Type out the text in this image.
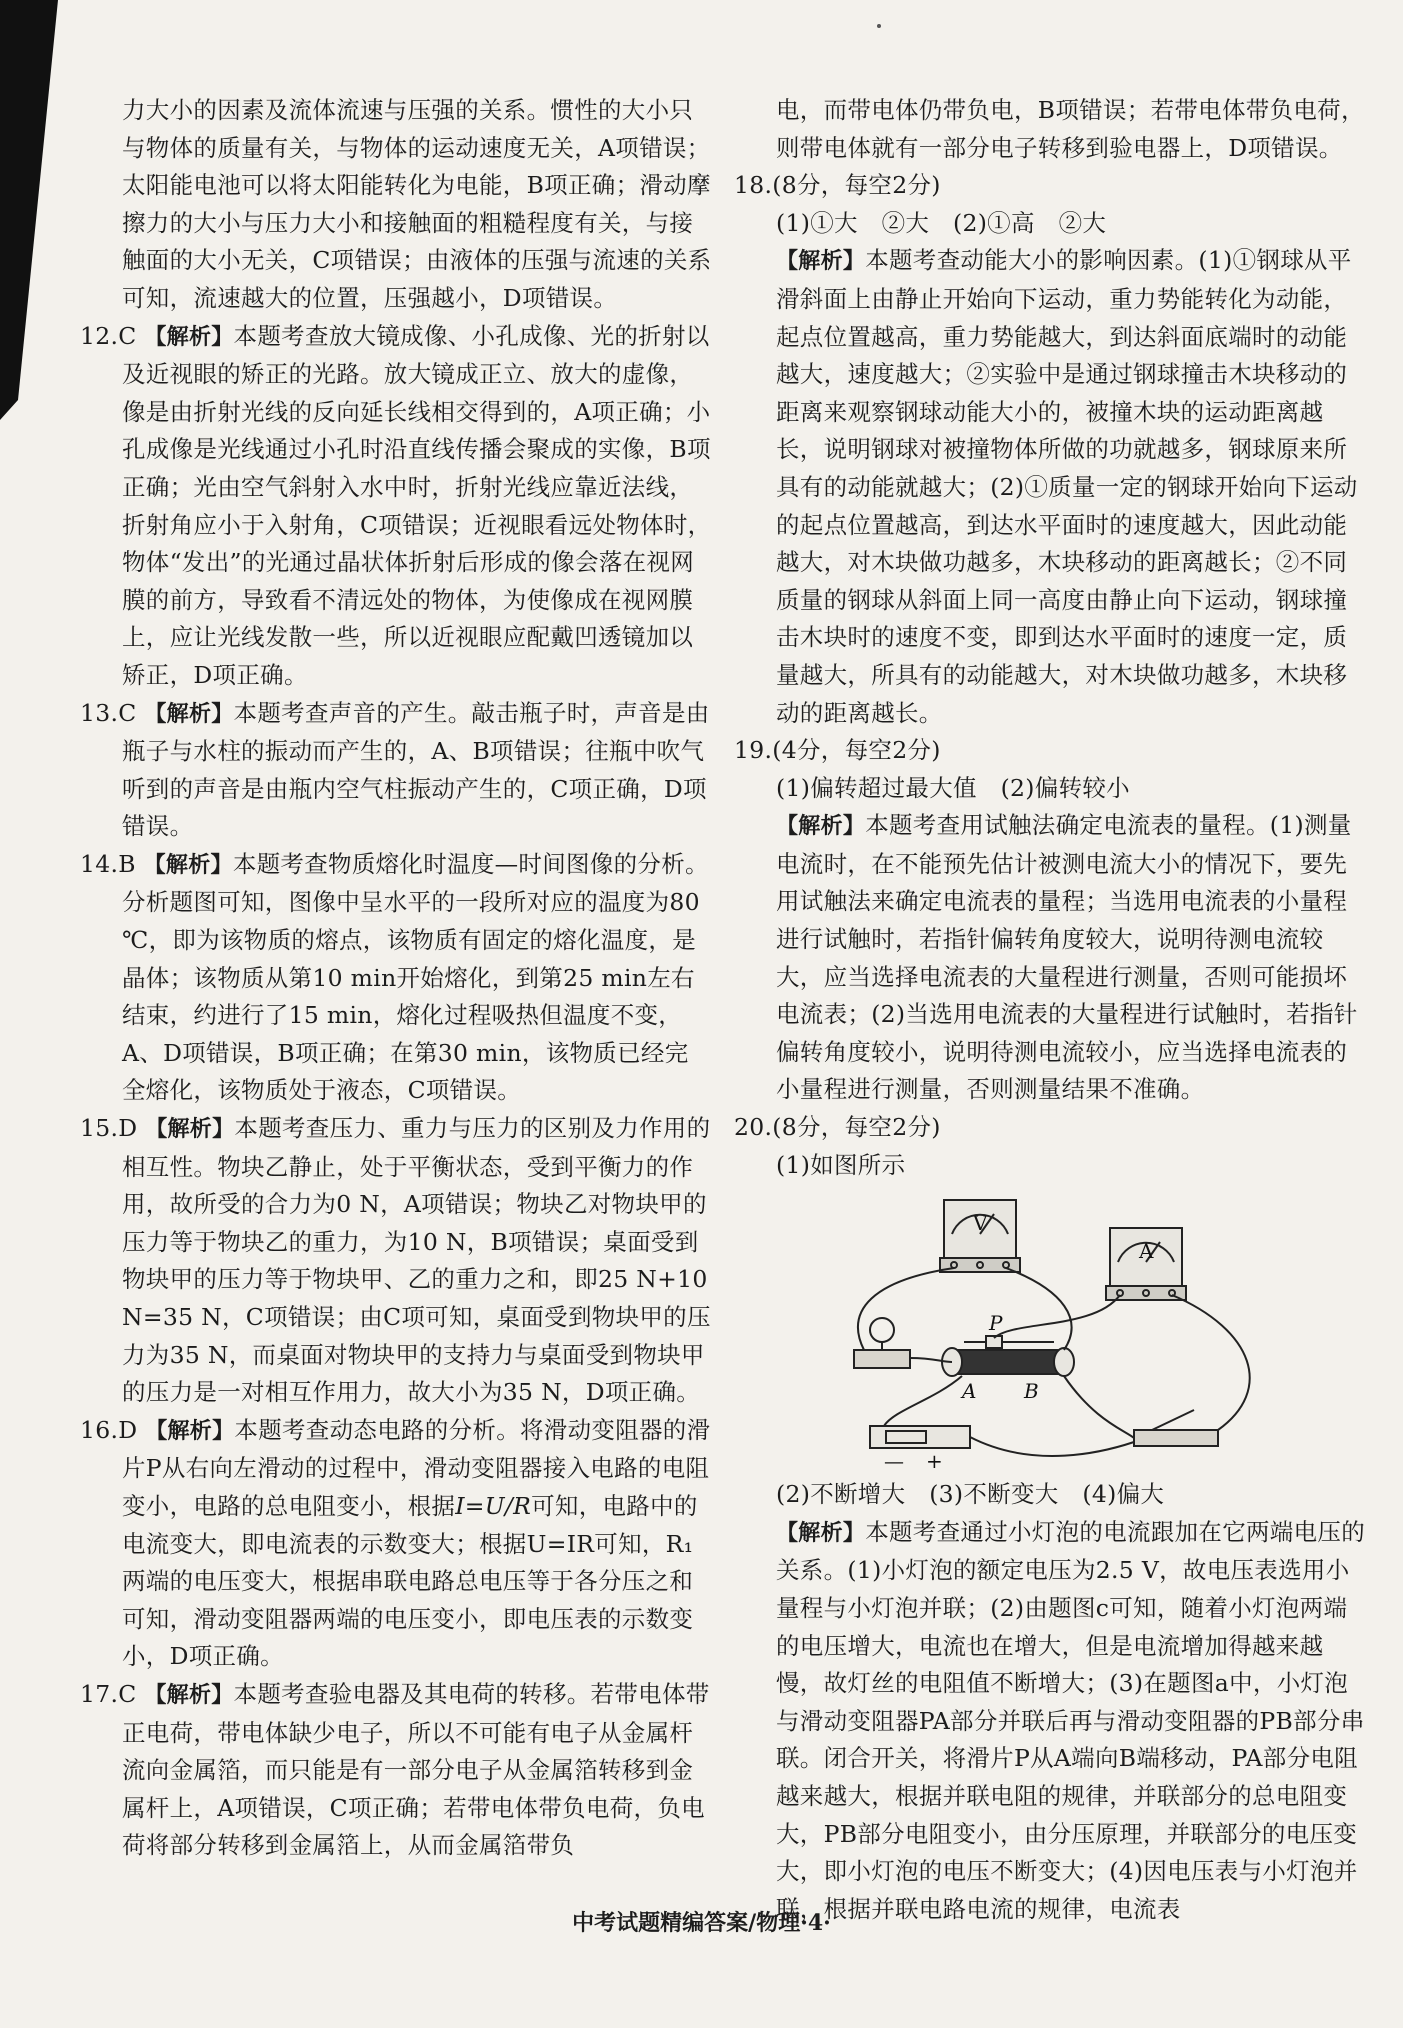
力大小的因素及流体流速与压强的关系。惯性的大小只与物体的质量有关，与物体的运动速度无关，A项错误；太阳能电池可以将太阳能转化为电能，B项正确；滑动摩擦力的大小与压力大小和接触面的粗糙程度有关，与接触面的大小无关，C项错误；由液体的压强与流速的关系可知，流速越大的位置，压强越小，D项错误。

12.C 【解析】本题考查放大镜成像、小孔成像、光的折射以及近视眼的矫正的光路。放大镜成正立、放大的虚像，像是由折射光线的反向延长线相交得到的，A项正确；小孔成像是光线通过小孔时沿直线传播会聚成的实像，B项正确；光由空气斜射入水中时，折射光线应靠近法线，折射角应小于入射角，C项错误；近视眼看远处物体时，物体“发出”的光通过晶状体折射后形成的像会落在视网膜的前方，导致看不清远处的物体，为使像成在视网膜上，应让光线发散一些，所以近视眼应配戴凹透镜加以矫正，D项正确。

13.C 【解析】本题考查声音的产生。敲击瓶子时，声音是由瓶子与水柱的振动而产生的，A、B项错误；往瓶中吹气听到的声音是由瓶内空气柱振动产生的，C项正确，D项错误。

14.B 【解析】本题考查物质熔化时温度—时间图像的分析。分析题图可知，图像中呈水平的一段所对应的温度为80 ℃，即为该物质的熔点，该物质有固定的熔化温度，是晶体；该物质从第10 min开始熔化，到第25 min左右结束，约进行了15 min，熔化过程吸热但温度不变，A、D项错误，B项正确；在第30 min，该物质已经完全熔化，该物质处于液态，C项错误。

15.D 【解析】本题考查压力、重力与压力的区别及力作用的相互性。物块乙静止，处于平衡状态，受到平衡力的作用，故所受的合力为0 N，A项错误；物块乙对物块甲的压力等于物块乙的重力，为10 N，B项错误；桌面受到物块甲的压力等于物块甲、乙的重力之和，即25 N+10 N=35 N，C项错误；由C项可知，桌面受到物块甲的压力为35 N，而桌面对物块甲的支持力与桌面受到物块甲的压力是一对相互作用力，故大小为35 N，D项正确。

16.D 【解析】本题考查动态电路的分析。将滑动变阻器的滑片P从右向左滑动的过程中，滑动变阻器接入电路的电阻变小，电路的总电阻变小，根据I=U/R可知，电路中的电流变大，即电流表的示数变大；根据U=IR可知，R₁两端的电压变大，根据串联电路总电压等于各分压之和可知，滑动变阻器两端的电压变小，即电压表的示数变小，D项正确。

17.C 【解析】本题考查验电器及其电荷的转移。若带电体带正电荷，带电体缺少电子，所以不可能有电子从金属杆流向金属箔，而只能是有一部分电子从金属箔转移到金属杆上，A项错误，C项正确；若带电体带负电荷，负电荷将部分转移到金属箔上，从而金属箔带负

电，而带电体仍带负电，B项错误；若带电体带负电荷，则带电体就有一部分电子转移到验电器上，D项错误。

18.(8分，每空2分)

(1)①大　②大　(2)①高　②大

【解析】本题考查动能大小的影响因素。(1)①钢球从平滑斜面上由静止开始向下运动，重力势能转化为动能，起点位置越高，重力势能越大，到达斜面底端时的动能越大，速度越大；②实验中是通过钢球撞击木块移动的距离来观察钢球动能大小的，被撞木块的运动距离越长，说明钢球对被撞物体所做的功就越多，钢球原来所具有的动能就越大；(2)①质量一定的钢球开始向下运动的起点位置越高，到达水平面时的速度越大，因此动能越大，对木块做功越多，木块移动的距离越长；②不同质量的钢球从斜面上同一高度由静止向下运动，钢球撞击木块时的速度不变，即到达水平面时的速度一定，质量越大，所具有的动能越大，对木块做功越多，木块移动的距离越长。

19.(4分，每空2分)

(1)偏转超过最大值　(2)偏转较小

【解析】本题考查用试触法确定电流表的量程。(1)测量电流时，在不能预先估计被测电流大小的情况下，要先用试触法来确定电流表的量程；当选用电流表的小量程进行试触时，若指针偏转角度较大，说明待测电流较大，应当选择电流表的大量程进行测量，否则可能损坏电流表；(2)当选用电流表的大量程进行试触时，若指针偏转角度较小，说明待测电流较小，应当选择电流表的小量程进行测量，否则测量结果不准确。

20.(8分，每空2分)

(1)如图所示

V
A
P
A B
— +

(2)不断增大　(3)不断变大　(4)偏大

【解析】本题考查通过小灯泡的电流跟加在它两端电压的关系。(1)小灯泡的额定电压为2.5 V，故电压表选用小量程与小灯泡并联；(2)由题图c可知，随着小灯泡两端的电压增大，电流也在增大，但是电流增加得越来越慢，故灯丝的电阻值不断增大；(3)在题图a中，小灯泡与滑动变阻器PA部分并联后再与滑动变阻器的PB部分串联。闭合开关，将滑片P从A端向B端移动，PA部分电阻越来越大，根据并联电阻的规律，并联部分的总电阻变大，PB部分电阻变小，由分压原理，并联部分的电压变大，即小灯泡的电压不断变大；(4)因电压表与小灯泡并联，根据并联电路电流的规律，电流表

中考试题精编答案/物理·4·
